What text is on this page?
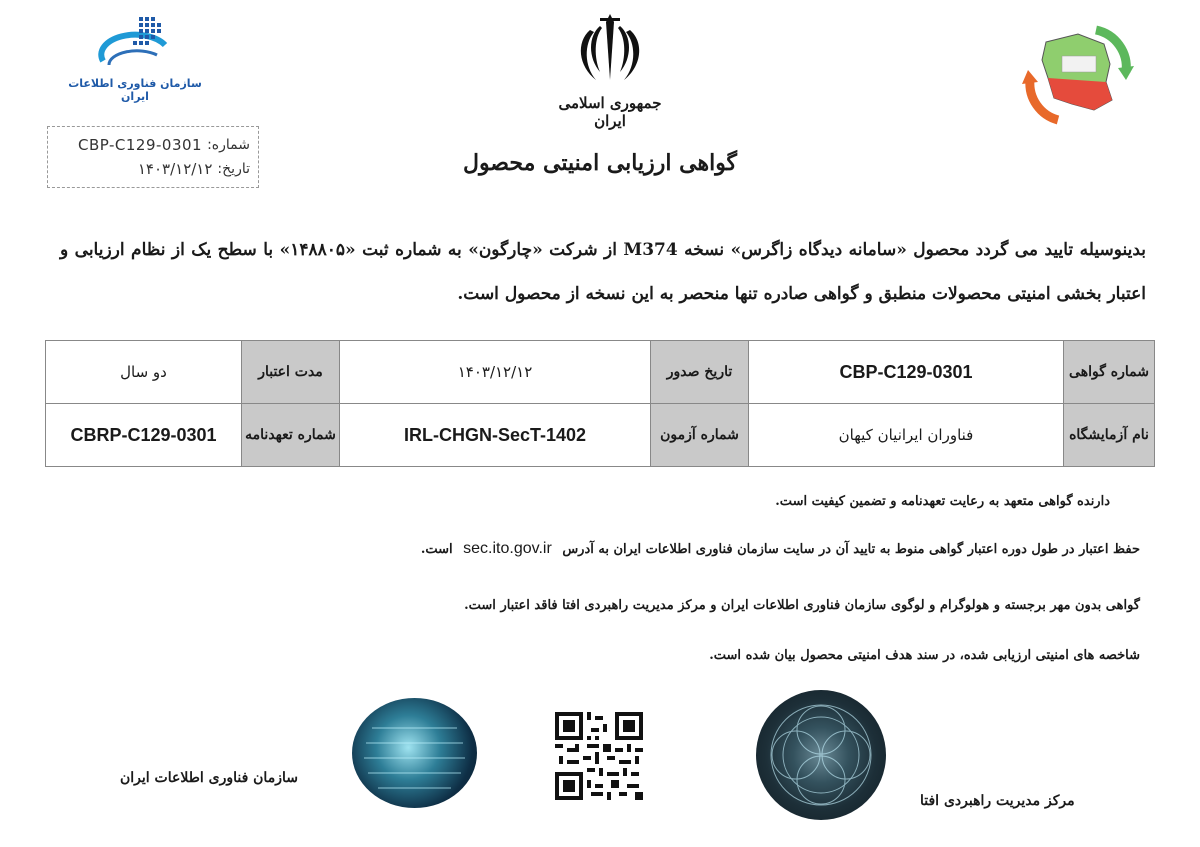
سازمان فناوری اطلاعات ایران	جمهوری اسلامی ایران
CBP-C129-0301 شماره:
۱۴۰۳/۱۲/۱۲ تاریخ:	گواهی ارزیابی امنیتی محصول
بدینوسیله تایید می گردد محصول «سامانه دیدگاه زاگرس» نسخه M374 از شرکت «چارگون» به شماره ثبت «۱۴۸۸۰۵» با سطح یک از نظام ارزیابی و اعتبار بخشی امنیتی محصولات منطبق و گواهی صادره تنها منحصر به این نسخه از محصول است.
شماره گواهی	CBP-C129-0301	تاریخ صدور	۱۴۰۳/۱۲/۱۲	مدت اعتبار	دو سال
نام آزمایشگاه	فناوران ایرانیان کیهان	شماره آزمون	IRL-CHGN-SecT-1402	شماره تعهدنامه	CBRP-C129-0301
دارنده گواهی متعهد به رعایت تعهدنامه و تضمین کیفیت است.
حفظ اعتبار در طول دوره اعتبار گواهی منوط به تایید آن در سایت سازمان فناوری اطلاعات ایران به آدرس sec.ito.gov.ir است.
گواهی بدون مهر برجسته و هولوگرام و لوگوی سازمان فناوری اطلاعات ایران و مرکز مدیریت راهبردی افتا فاقد اعتبار است.
شاخصه های امنیتی ارزیابی شده، در سند هدف امنیتی محصول بیان شده است.
سازمان فناوری اطلاعات ایران
مرکز مدیریت راهبردی افتا
